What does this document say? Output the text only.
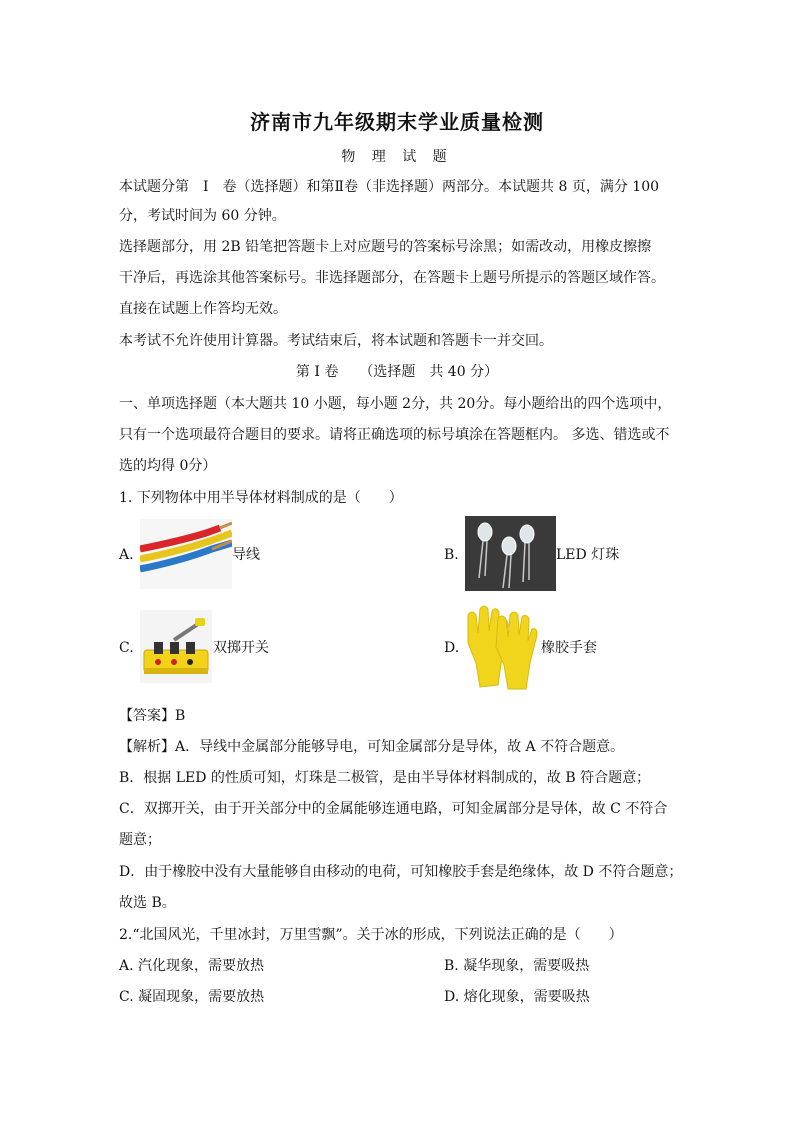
济南市九年级期末学业质量检测
物 理 试 题
本试题分第　I　卷（选择题）和第Ⅱ卷（非选择题）两部分。本试题共 8 页，满分 100
分，考试时间为 60 分钟。
选择题部分，用 2B 铅笔把答题卡上对应题号的答案标号涂黑；如需改动，用橡皮擦擦
干净后，再选涂其他答案标号。非选择题部分，在答题卡上题号所提示的答题区域作答。
直接在试题上作答均无效。
本考试不允许使用计算器。考试结束后，将本试题和答题卡一并交回。
第 I 卷　　（选择题　共 40 分）
一、单项选择题（本大题共 10 小题，每小题 2分，共 20分。每小题给出的四个选项中，
只有一个选项最符合题目的要求。请将正确选项的标号填涂在答题框内。 多选、错选或不
选的均得 0分）
1. 下列物体中用半导体材料制成的是（　　）
A.	导线	B.	LED 灯珠
C.	双掷开关	D.	橡胶手套
【答案】B
【解析】A．导线中金属部分能够导电，可知金属部分是导体，故 A 不符合题意。
B．根据 LED 的性质可知，灯珠是二极管，是由半导体材料制成的，故 B 符合题意；
C．双掷开关，由于开关部分中的金属能够连通电路，可知金属部分是导体，故 C 不符合
题意；
D．由于橡胶中没有大量能够自由移动的电荷，可知橡胶手套是绝缘体，故 D 不符合题意；
故选 B。
2.“北国风光，千里冰封，万里雪飘”。关于冰的形成，下列说法正确的是（　　）
A. 汽化现象，需要放热	B. 凝华现象，需要吸热
C. 凝固现象，需要放热	D. 熔化现象，需要吸热
